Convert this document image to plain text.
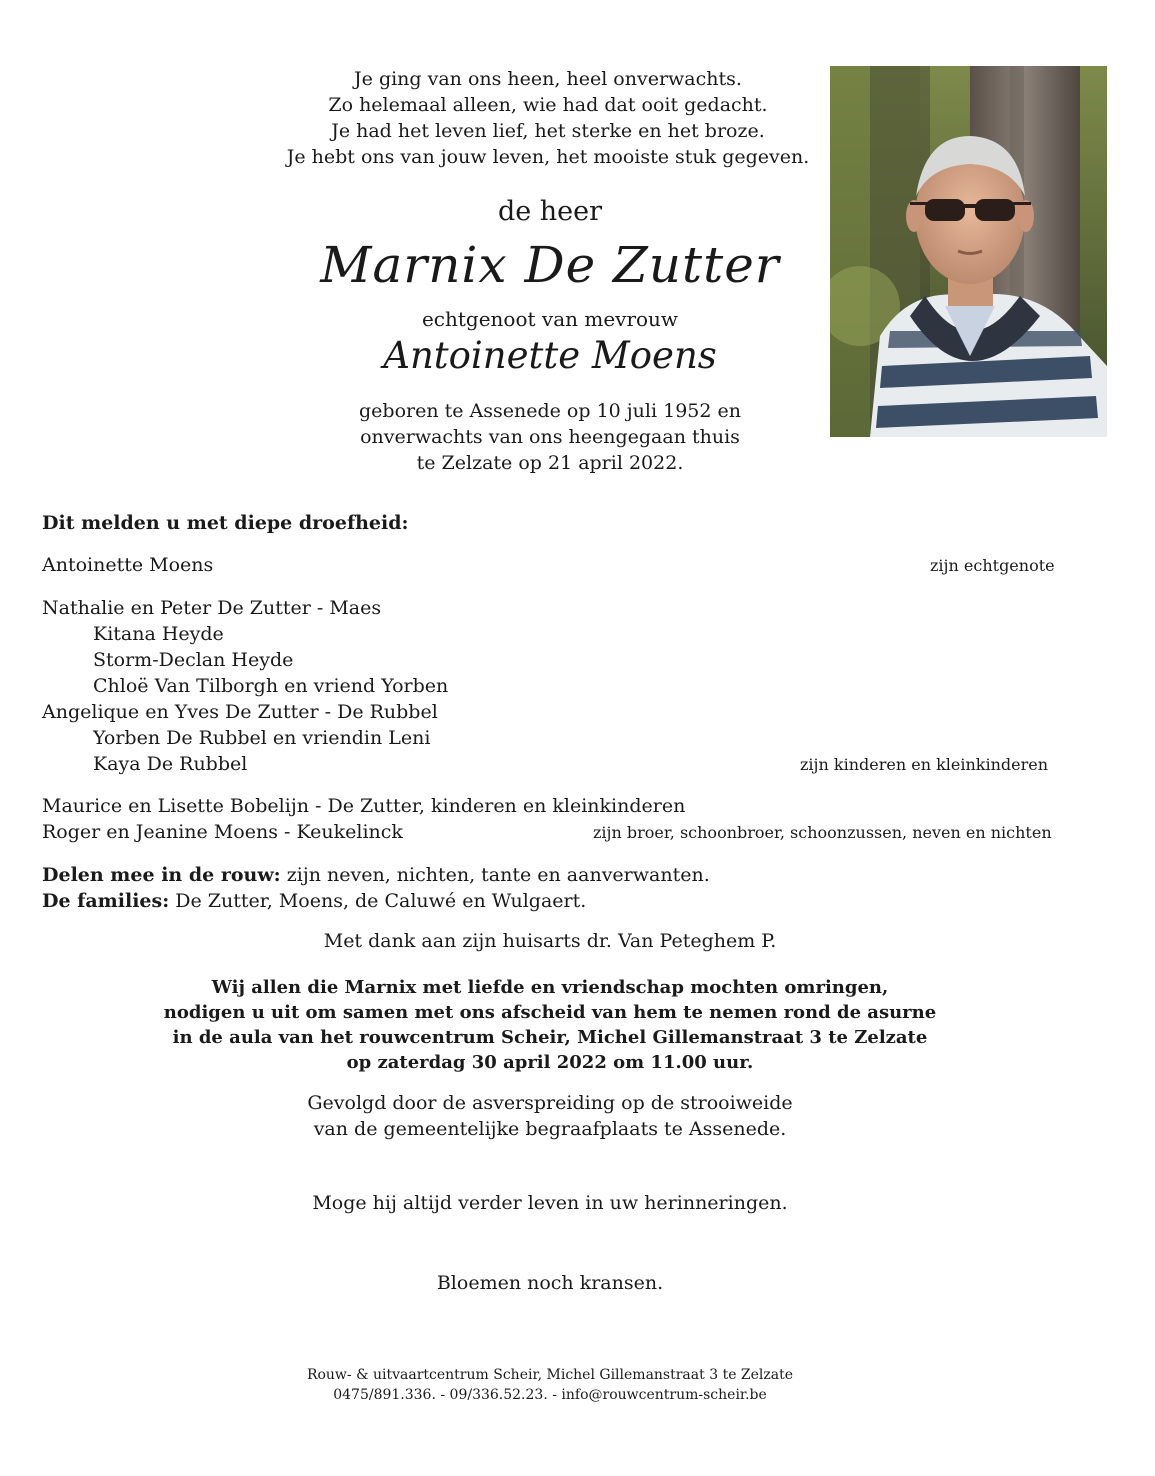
Je ging van ons heen, heel onverwachts.
Zo helemaal alleen, wie had dat ooit gedacht.
Je had het leven lief, het sterke en het broze.
Je hebt ons van jouw leven, het mooiste stuk gegeven.
de heer
Marnix De Zutter
echtgenoot van mevrouw
Antoinette Moens
geboren te Assenede op 10 juli 1952 en
onverwachts van ons heengegaan thuis
te Zelzate op 21 april 2022.
Dit melden u met diepe droefheid:
Antoinette Moens	zijn echtgenote
Nathalie en Peter De Zutter - Maes
Kitana Heyde
Storm-Declan Heyde
Chloë Van Tilborgh en vriend Yorben
Angelique en Yves De Zutter - De Rubbel
Yorben De Rubbel en vriendin Leni
Kaya De Rubbel	zijn kinderen en kleinkinderen
Maurice en Lisette Bobelijn - De Zutter, kinderen en kleinkinderen
Roger en Jeanine Moens - Keukelinck	zijn broer, schoonbroer, schoonzussen, neven en nichten
Delen mee in de rouw: zijn neven, nichten, tante en aanverwanten.
De families: De Zutter, Moens, de Caluwé en Wulgaert.
Met dank aan zijn huisarts dr. Van Peteghem P.
Wij allen die Marnix met liefde en vriendschap mochten omringen,
nodigen u uit om samen met ons afscheid van hem te nemen rond de asurne
in de aula van het rouwcentrum Scheir, Michel Gillemanstraat 3 te Zelzate
op zaterdag 30 april 2022 om 11.00 uur.
Gevolgd door de asverspreiding op de strooiweide
van de gemeentelijke begraafplaats te Assenede.
Moge hij altijd verder leven in uw herinneringen.
Bloemen noch kransen.
Rouw- & uitvaartcentrum Scheir, Michel Gillemanstraat 3 te Zelzate
0475/891.336. - 09/336.52.23. - info@rouwcentrum-scheir.be
